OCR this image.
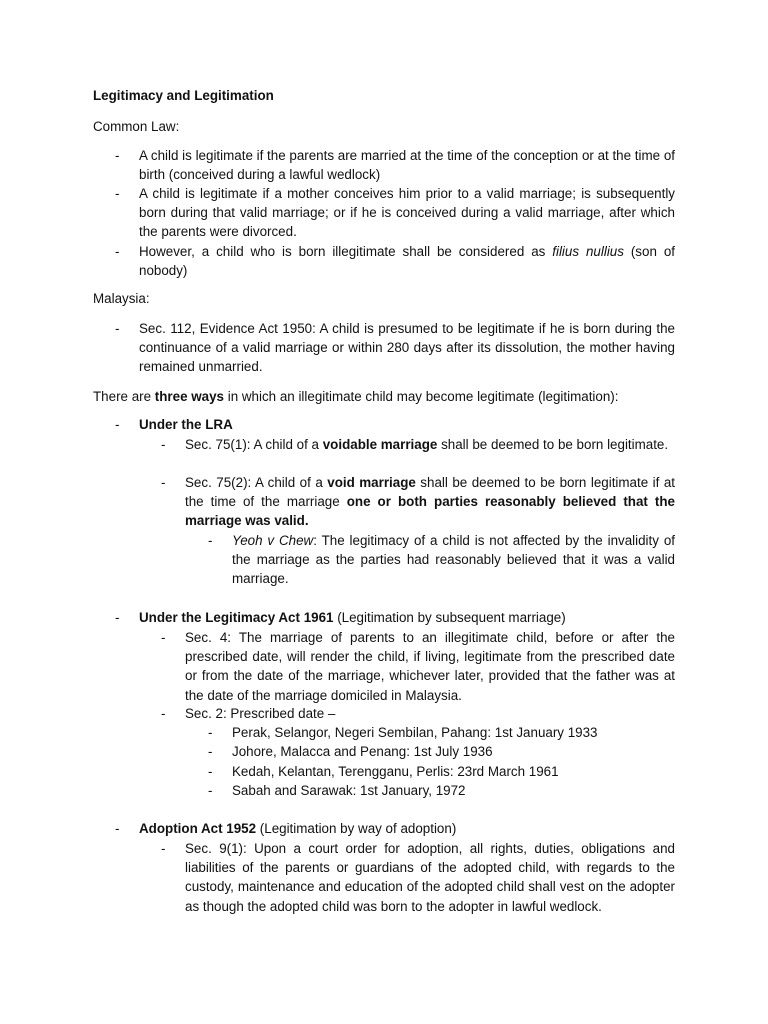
Legitimacy and Legitimation
Common Law:
-	A child is legitimate if the parents are married at the time of the conception or at the time of birth (conceived during a lawful wedlock)
-	A child is legitimate if a mother conceives him prior to a valid marriage; is subsequently born during that valid marriage; or if he is conceived during a valid marriage, after which the parents were divorced.
-	However, a child who is born illegitimate shall be considered as filius nullius (son of nobody)
Malaysia:
-	Sec. 112, Evidence Act 1950: A child is presumed to be legitimate if he is born during the continuance of a valid marriage or within 280 days after its dissolution, the mother having remained unmarried.
There are three ways in which an illegitimate child may become legitimate (legitimation):
-	Under the LRA
-	Sec. 75(1): A child of a voidable marriage shall be deemed to be born legitimate.
-	Sec. 75(2): A child of a void marriage shall be deemed to be born legitimate if at the time of the marriage one or both parties reasonably believed that the marriage was valid.
-	Yeoh v Chew: The legitimacy of a child is not affected by the invalidity of the marriage as the parties had reasonably believed that it was a valid marriage.
-	Under the Legitimacy Act 1961 (Legitimation by subsequent marriage)
-	Sec. 4: The marriage of parents to an illegitimate child, before or after the prescribed date, will render the child, if living, legitimate from the prescribed date or from the date of the marriage, whichever later, provided that the father was at the date of the marriage domiciled in Malaysia.
-	Sec. 2: Prescribed date –
-	Perak, Selangor, Negeri Sembilan, Pahang: 1st January 1933
-	Johore, Malacca and Penang: 1st July 1936
-	Kedah, Kelantan, Terengganu, Perlis: 23rd March 1961
-	Sabah and Sarawak: 1st January, 1972
-	Adoption Act 1952 (Legitimation by way of adoption)
-	Sec. 9(1): Upon a court order for adoption, all rights, duties, obligations and liabilities of the parents or guardians of the adopted child, with regards to the custody, maintenance and education of the adopted child shall vest on the adopter as though the adopted child was born to the adopter in lawful wedlock.
